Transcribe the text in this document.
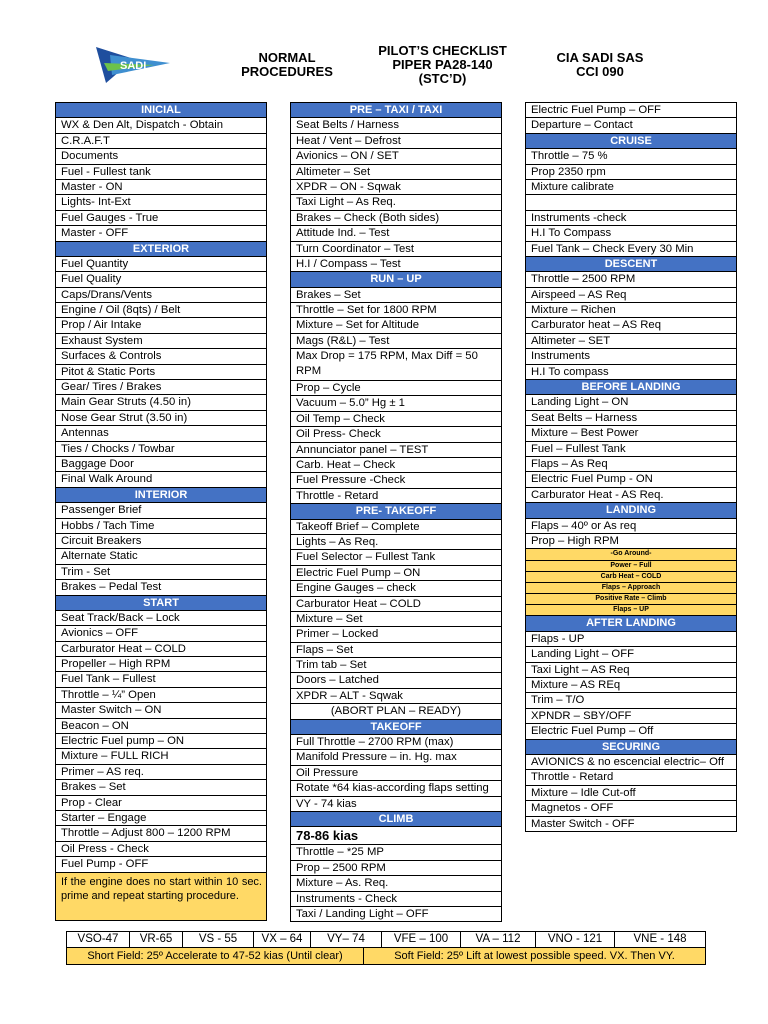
SADI
NORMAL
PROCEDURES
PILOT’S CHECKLIST
PIPER PA28-140
(STC’D)
CIA SADI SAS
CCI 090
INICIAL
WX & Den Alt, Dispatch - Obtain
C.R.A.F.T
Documents
Fuel - Fullest tank
Master - ON
Lights- Int-Ext
Fuel Gauges - True
Master - OFF
EXTERIOR
Fuel Quantity
Fuel Quality
Caps/Drans/Vents
Engine / Oil (8qts) / Belt
Prop / Air Intake
Exhaust System
Surfaces & Controls
Pitot & Static Ports
Gear/ Tires / Brakes
Main Gear Struts (4.50 in)
Nose Gear Strut (3.50 in)
Antennas
Ties / Chocks / Towbar
Baggage Door
Final Walk Around
INTERIOR
Passenger Brief
Hobbs / Tach Time
Circuit Breakers
Alternate Static
Trim - Set
Brakes – Pedal Test
START
Seat Track/Back – Lock
Avionics – OFF
Carburator Heat – COLD
Propeller – High RPM
Fuel Tank – Fullest
Throttle – ¼” Open
Master Switch – ON
Beacon – ON
Electric Fuel pump – ON
Mixture – FULL RICH
Primer – AS req.
Brakes – Set
Prop - Clear
Starter – Engage
Throttle – Adjust 800 – 1200 RPM
Oil Press - Check
Fuel Pump - OFF
If the engine does no start within 10 sec. prime and repeat starting procedure.
PRE – TAXI / TAXI
Seat Belts / Harness
Heat / Vent – Defrost
Avionics – ON / SET
Altimeter – Set
XPDR – ON - Sqwak
Taxi Light – As Req.
Brakes – Check (Both sides)
Attitude Ind. – Test
Turn Coordinator – Test
H.I / Compass – Test
RUN – UP
Brakes – Set
Throttle – Set for 1800 RPM
Mixture – Set for Altitude
Mags (R&L) – Test
Max Drop = 175 RPM, Max Diff = 50 RPM
Prop – Cycle
Vacuum – 5.0” Hg ± 1
Oil Temp – Check
Oil Press- Check
Annunciator panel – TEST
Carb. Heat – Check
Fuel Pressure -Check
Throttle - Retard
PRE- TAKEOFF
Takeoff Brief – Complete
Lights – As Req.
Fuel Selector – Fullest Tank
Electric Fuel Pump – ON
Engine Gauges – check
Carburator Heat – COLD
Mixture – Set
Primer – Locked
Flaps – Set
Trim tab – Set
Doors – Latched
XPDR – ALT - Sqwak
(ABORT PLAN – READY)
TAKEOFF
Full Throttle – 2700 RPM (max)
Manifold Pressure – in. Hg. max
Oil Pressure
Rotate *64 kias-according flaps setting
VY - 74 kias
CLIMB
78-86 kias
Throttle – *25 MP
Prop – 2500 RPM
Mixture – As. Req.
Instruments - Check
Taxi / Landing Light – OFF
Electric Fuel Pump – OFF
Departure – Contact
CRUISE
Throttle – 75 %
Prop 2350 rpm
Mixture calibrate
Instruments -check
H.I To Compass
Fuel Tank – Check Every 30 Min
DESCENT
Throttle – 2500 RPM
Airspeed – AS Req
Mixture – Richen
Carburator heat – AS Req
Altimeter – SET
Instruments
H.I To compass
BEFORE LANDING
Landing Light – ON
Seat Belts – Harness
Mixture – Best Power
Fuel – Fullest Tank
Flaps – As Req
Electric Fuel Pump - ON
Carburator Heat - AS Req.
LANDING
Flaps – 40º or As req
Prop – High RPM
-Go Around-
Power – Full
Carb Heat – COLD
Flaps – Approach
Positive Rate – Climb
Flaps – UP
AFTER LANDING
Flaps - UP
Landing Light – OFF
Taxi Light – AS Req
Mixture – AS REq
Trim – T/O
XPNDR – SBY/OFF
Electric Fuel Pump – Off
SECURING
AVIONICS & no escencial electric– Off
Throttle - Retard
Mixture – Idle Cut-off
Magnetos - OFF
Master Switch - OFF
VSO-47	VR-65	VS - 55	VX – 64	VY– 74	VFE – 100	VA – 112	VNO - 121	VNE - 148
Short Field: 25º Accelerate to 47-52 kias (Until clear)	Soft Field: 25º Lift at lowest possible speed. VX. Then VY.
